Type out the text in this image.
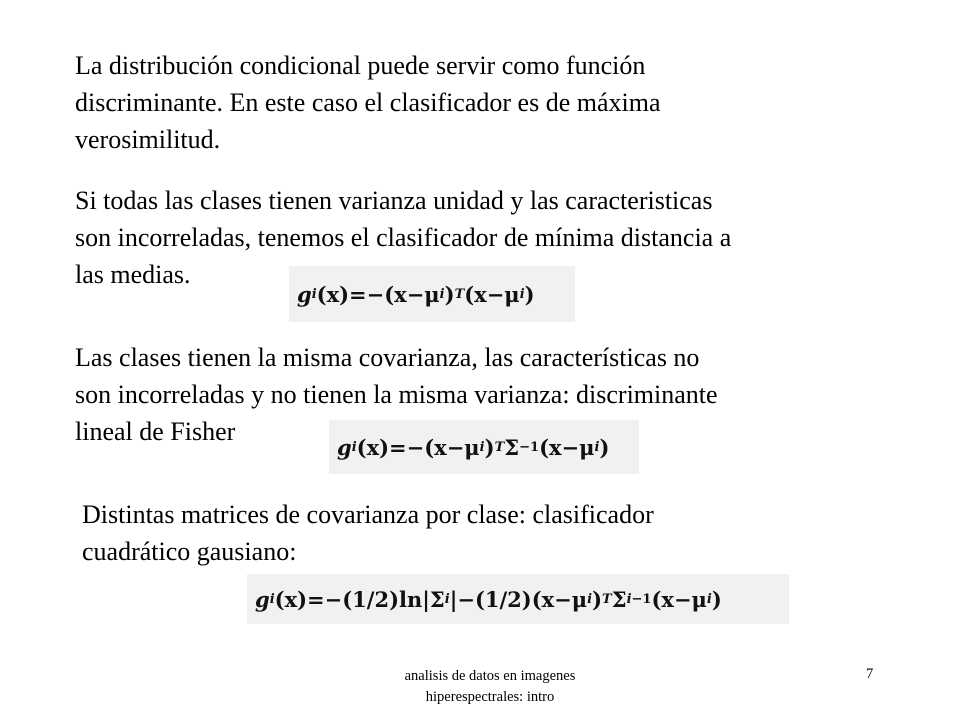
La distribución condicional puede servir como función
discriminante. En este caso el clasificador es de máxima
verosimilitud.
Si todas las clases tienen varianza unidad y las caracteristicas
son incorreladas, tenemos el clasificador de mínima distancia a
las medias.
g i (x) =−(x−μ i ) T (x−μ i )
Las clases tienen la misma covarianza, las características no
son incorreladas y no tienen la misma varianza: discriminante
lineal de Fisher
g i (x) =−(x−μ i ) T Σ −1 (x−μ i )
Distintas matrices de covarianza por clase: clasificador
cuadrático gausiano:
g i (x) =−(1/2)ln|Σ i |−(1/2)(x−μ i ) T Σ i −1 (x−μ i )
analisis de datos en imagenes
hiperespectrales: intro
7
